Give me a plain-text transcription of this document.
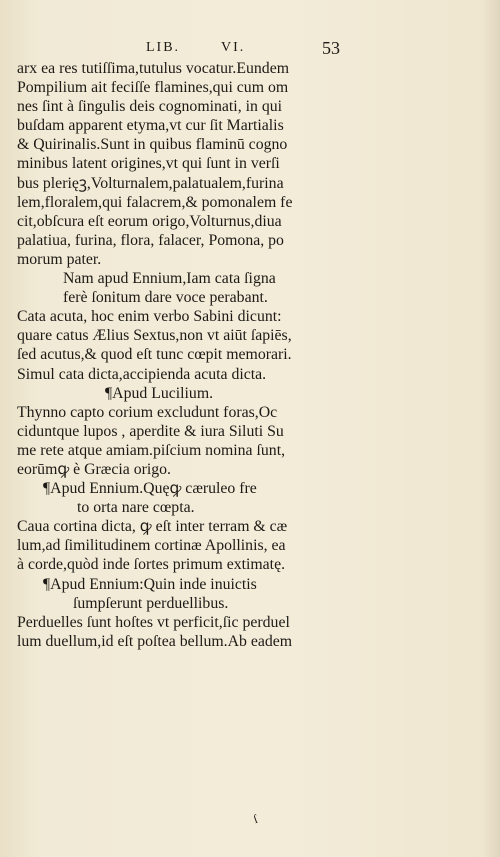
LIB.	VI.	53
arx ea res tutiſſima,tutulus vocatur.Eundem
Pompilium ait feciſſe flamines,qui cum om
nes ſint à ſingulis deis cognominati, in qui
buſdam apparent etyma,vt cur ſit Martialis
& Quirinalis.Sunt in quibus flaminū cogno
minibus latent origines,vt qui ſunt in verſi
bus plerięꝫ,Volturnalem,palatualem,furina
lem,floralem,qui falacrem,& pomonalem fe
cit,obſcura eſt eorum origo,Volturnus,diua
palatiua, furina, flora, falacer, Pomona, po
morum pater.
Nam apud Ennium,Iam cata ſigna
ferè ſonitum dare voce perabant.
Cata acuta, hoc enim verbo Sabini dicunt:
quare catus Ælius Sextus,non vt aiūt ſapiēs,
ſed acutus,& quod eſt tunc cœpit memorari.
Simul cata dicta,accipienda acuta dicta.
¶Apud Lucilium.
Thynno capto corium excludunt foras,Oc
ciduntque lupos , aperdite & iura Siluti Su
me rete atque amiam.piſcium nomina ſunt,
eorūmꝙ è Græcia origo.
¶Apud Ennium.Quęꝙ cæruleo fre
to orta nare cœpta.
Caua cortina dicta, ꝙ eſt inter terram & cæ
lum,ad ſimilitudinem cortinæ Apollinis, ea
à corde,quòd inde ſortes primum extimatę.
¶Apud Ennium:Quin inde inuictis
ſumpſerunt perduellibus.
Perduelles ſunt hoſtes vt perficit,ſic perduel
lum duellum,id eſt poſtea bellum.Ab eadem
ſ
